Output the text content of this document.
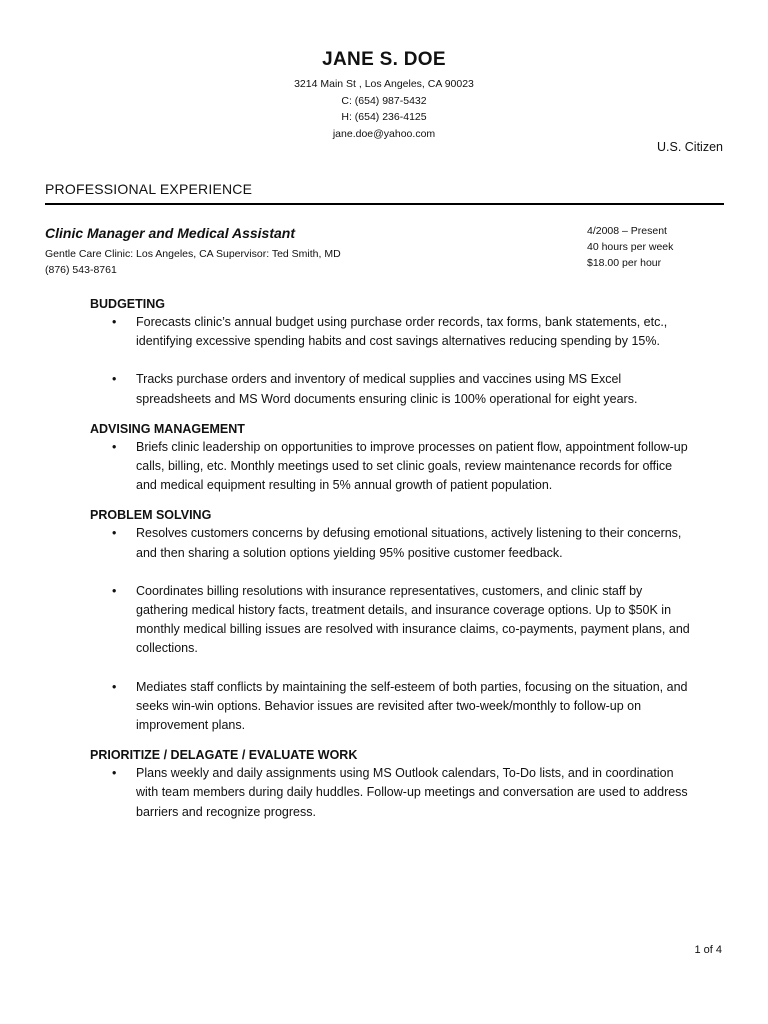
JANE S. DOE
3214 Main St , Los Angeles, CA 90023
C: (654) 987-5432
H: (654) 236-4125
jane.doe@yahoo.com
U.S. Citizen
PROFESSIONAL EXPERIENCE
Clinic Manager and Medical Assistant
Gentle Care Clinic: Los Angeles, CA Supervisor: Ted Smith, MD
(876) 543-8761
4/2008 – Present
40 hours per week
$18.00 per hour
BUDGETING
• Forecasts clinic’s annual budget using purchase order records, tax forms, bank statements, etc., identifying excessive spending habits and cost savings alternatives reducing spending by 15%.
• Tracks purchase orders and inventory of medical supplies and vaccines using MS Excel spreadsheets and MS Word documents ensuring clinic is 100% operational for eight years.
ADVISING MANAGEMENT
• Briefs clinic leadership on opportunities to improve processes on patient flow, appointment follow-up calls, billing, etc. Monthly meetings used to set clinic goals, review maintenance records for office and medical equipment resulting in 5% annual growth of patient population.
PROBLEM SOLVING
• Resolves customers concerns by defusing emotional situations, actively listening to their concerns, and then sharing a solution options yielding 95% positive customer feedback.
• Coordinates billing resolutions with insurance representatives, customers, and clinic staff by gathering medical history facts, treatment details, and insurance coverage options. Up to $50K in monthly medical billing issues are resolved with insurance claims, co-payments, payment plans, and collections.
• Mediates staff conflicts by maintaining the self-esteem of both parties, focusing on the situation, and seeks win-win options. Behavior issues are revisited after two-week/monthly to follow-up on improvement plans.
PRIORITIZE / DELAGATE / EVALUATE WORK
• Plans weekly and daily assignments using MS Outlook calendars, To-Do lists, and in coordination with team members during daily huddles. Follow-up meetings and conversation are used to address barriers and recognize progress.
1 of 4
